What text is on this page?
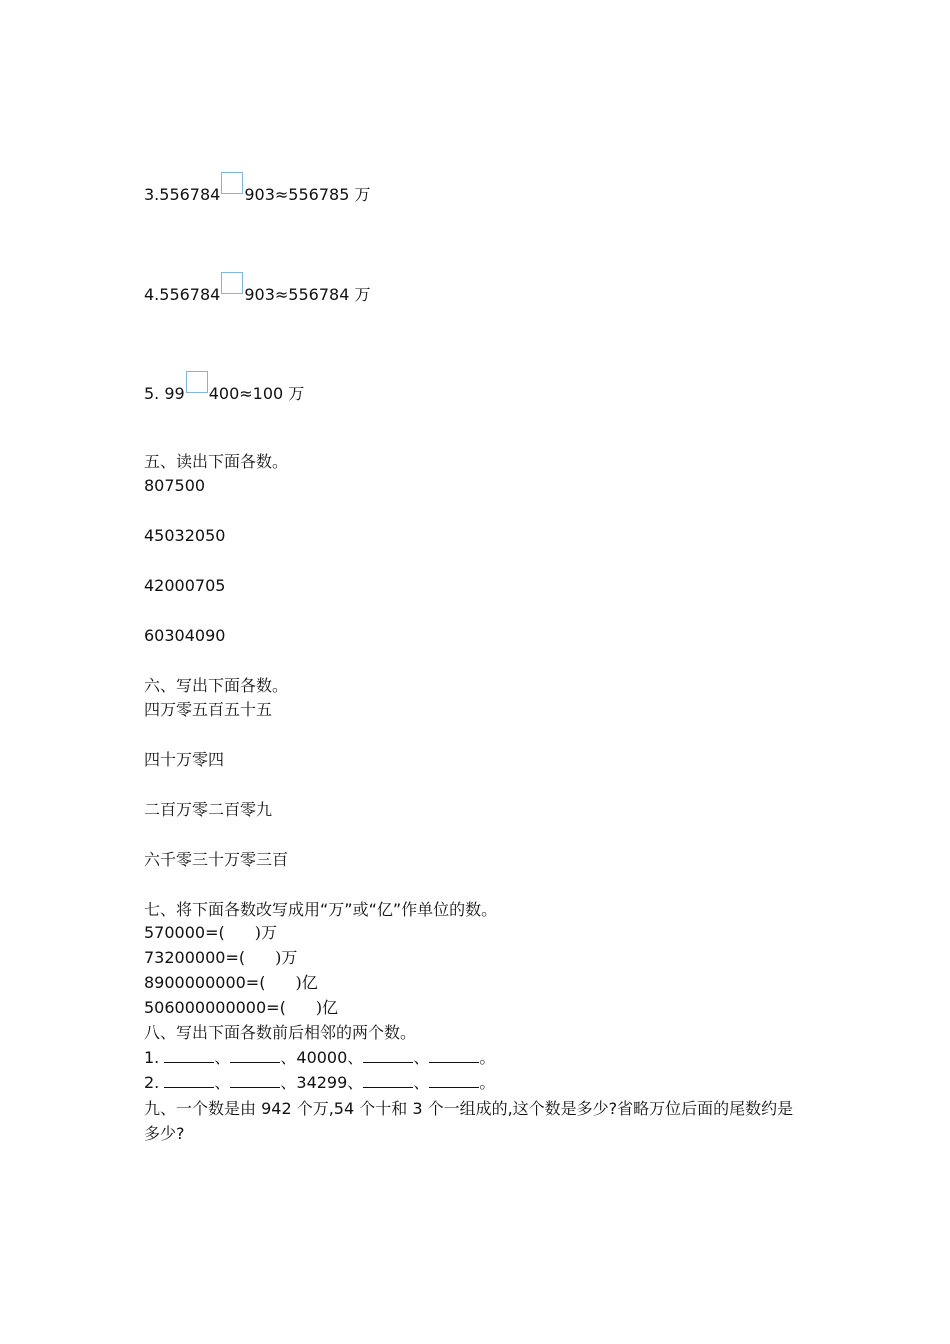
3.556784 903≈556785 万
4.556784 903≈556784 万
5. 99 400≈100 万
五、读出下面各数。
807500
45032050
42000705
60304090
六、写出下面各数。
四万零五百五十五
四十万零四
二百万零二百零九
六千零三十万零三百
七、将下面各数改写成用“万”或“亿”作单位的数。
570000=( )万
73200000=( )万
8900000000=( )亿
506000000000=( )亿
八、写出下面各数前后相邻的两个数。
1.	、	、40000、	、	。
2.	、	、34299、	、	。
九、一个数是由 942 个万,54 个十和 3 个一组成的,这个数是多少?省略万位后面的尾数约是多少?
